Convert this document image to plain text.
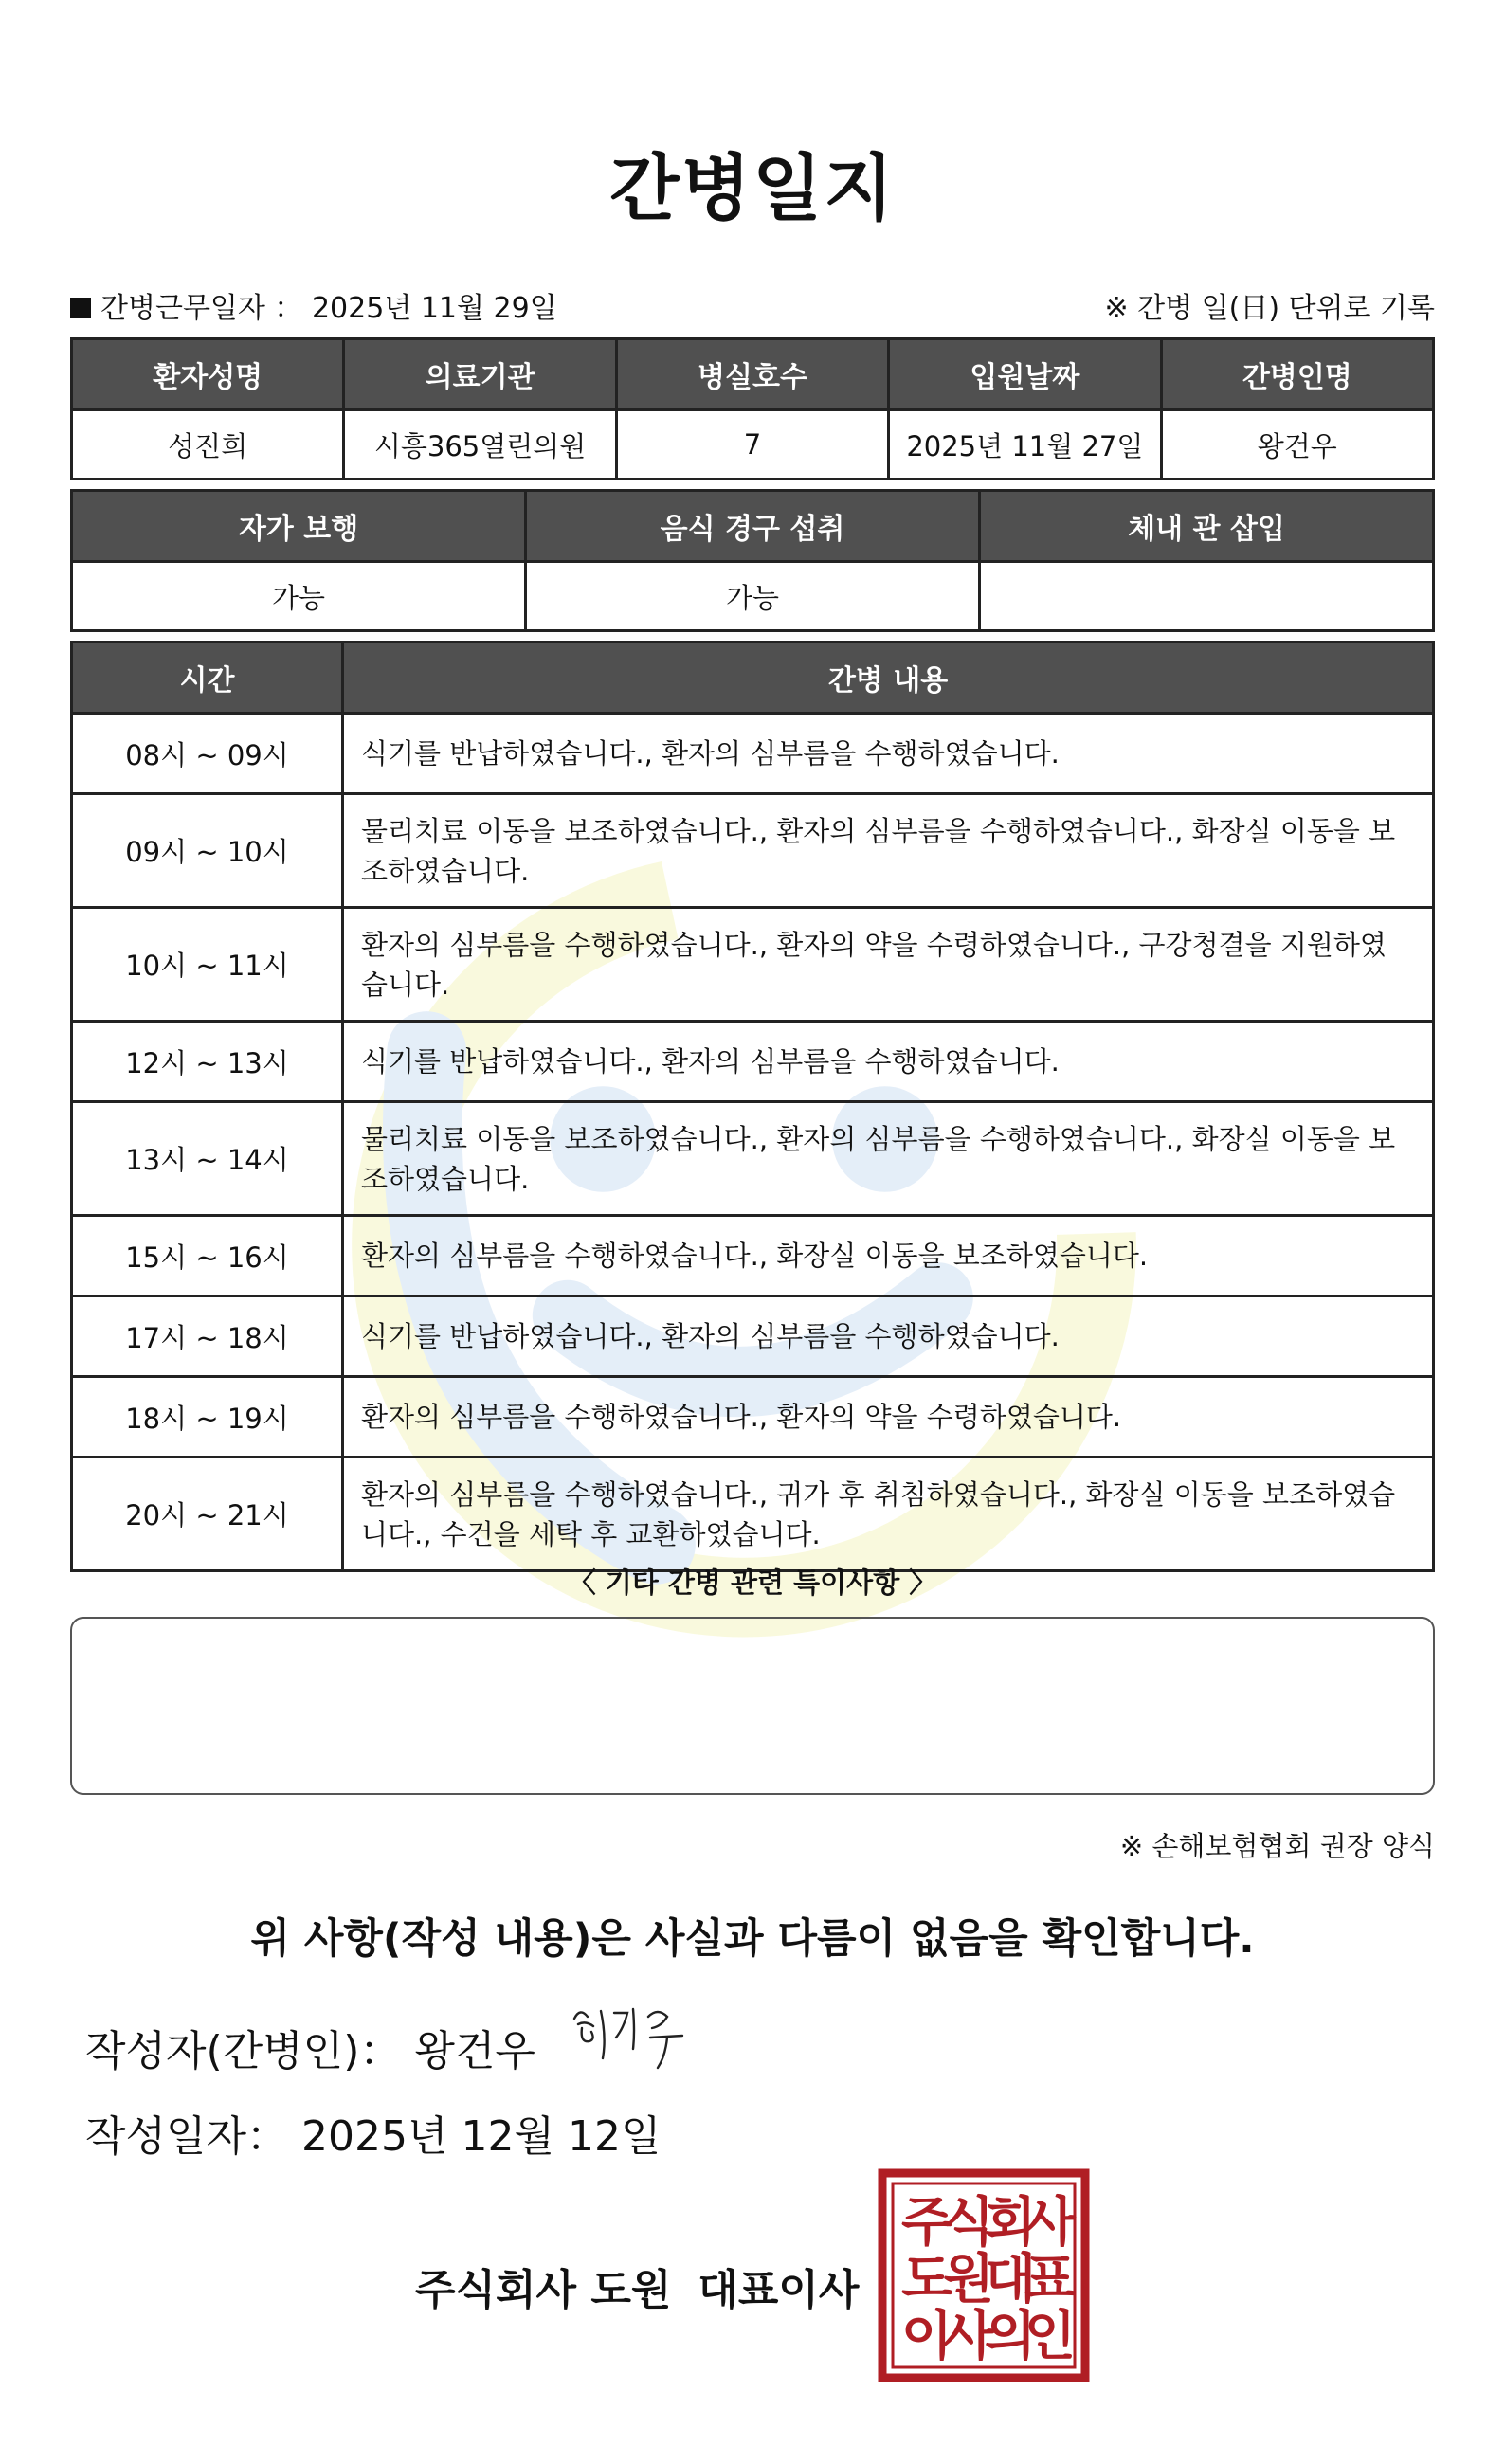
간병일지
간병근무일자 ： 2025년 11월 29일	※ 간병 일(日) 단위로 기록
환자성명	의료기관	병실호수	입원날짜	간병인명
성진희	시흥365열린의원	7	2025년 11월 27일	왕건우
자가 보행	음식 경구 섭취	체내 관 삽입
가능	가능	
시간	간병 내용
08시 ~ 09시	식기를 반납하였습니다., 환자의 심부름을 수행하였습니다.
09시 ~ 10시	물리치료 이동을 보조하였습니다., 환자의 심부름을 수행하였습니다., 화장실 이동을 보조하였습니다.
10시 ~ 11시	환자의 심부름을 수행하였습니다., 환자의 약을 수령하였습니다., 구강청결을 지원하였습니다.
12시 ~ 13시	식기를 반납하였습니다., 환자의 심부름을 수행하였습니다.
13시 ~ 14시	물리치료 이동을 보조하였습니다., 환자의 심부름을 수행하였습니다., 화장실 이동을 보조하였습니다.
15시 ~ 16시	환자의 심부름을 수행하였습니다., 화장실 이동을 보조하였습니다.
17시 ~ 18시	식기를 반납하였습니다., 환자의 심부름을 수행하였습니다.
18시 ~ 19시	환자의 심부름을 수행하였습니다., 환자의 약을 수령하였습니다.
20시 ~ 21시	환자의 심부름을 수행하였습니다., 귀가 후 취침하였습니다., 화장실 이동을 보조하였습니다., 수건을 세탁 후 교환하였습니다.
〈 기타 간병 관련 특이사항 〉
※ 손해보험협회 권장 양식
위 사항(작성 내용)은 사실과 다름이 없음을 확인합니다.
작성자(간병인)： 왕건우
작성일자： 2025년 12월 12일
주식회사 도원 대표이사
주
식
회
사
도
원
대
표
이
사
의
인
